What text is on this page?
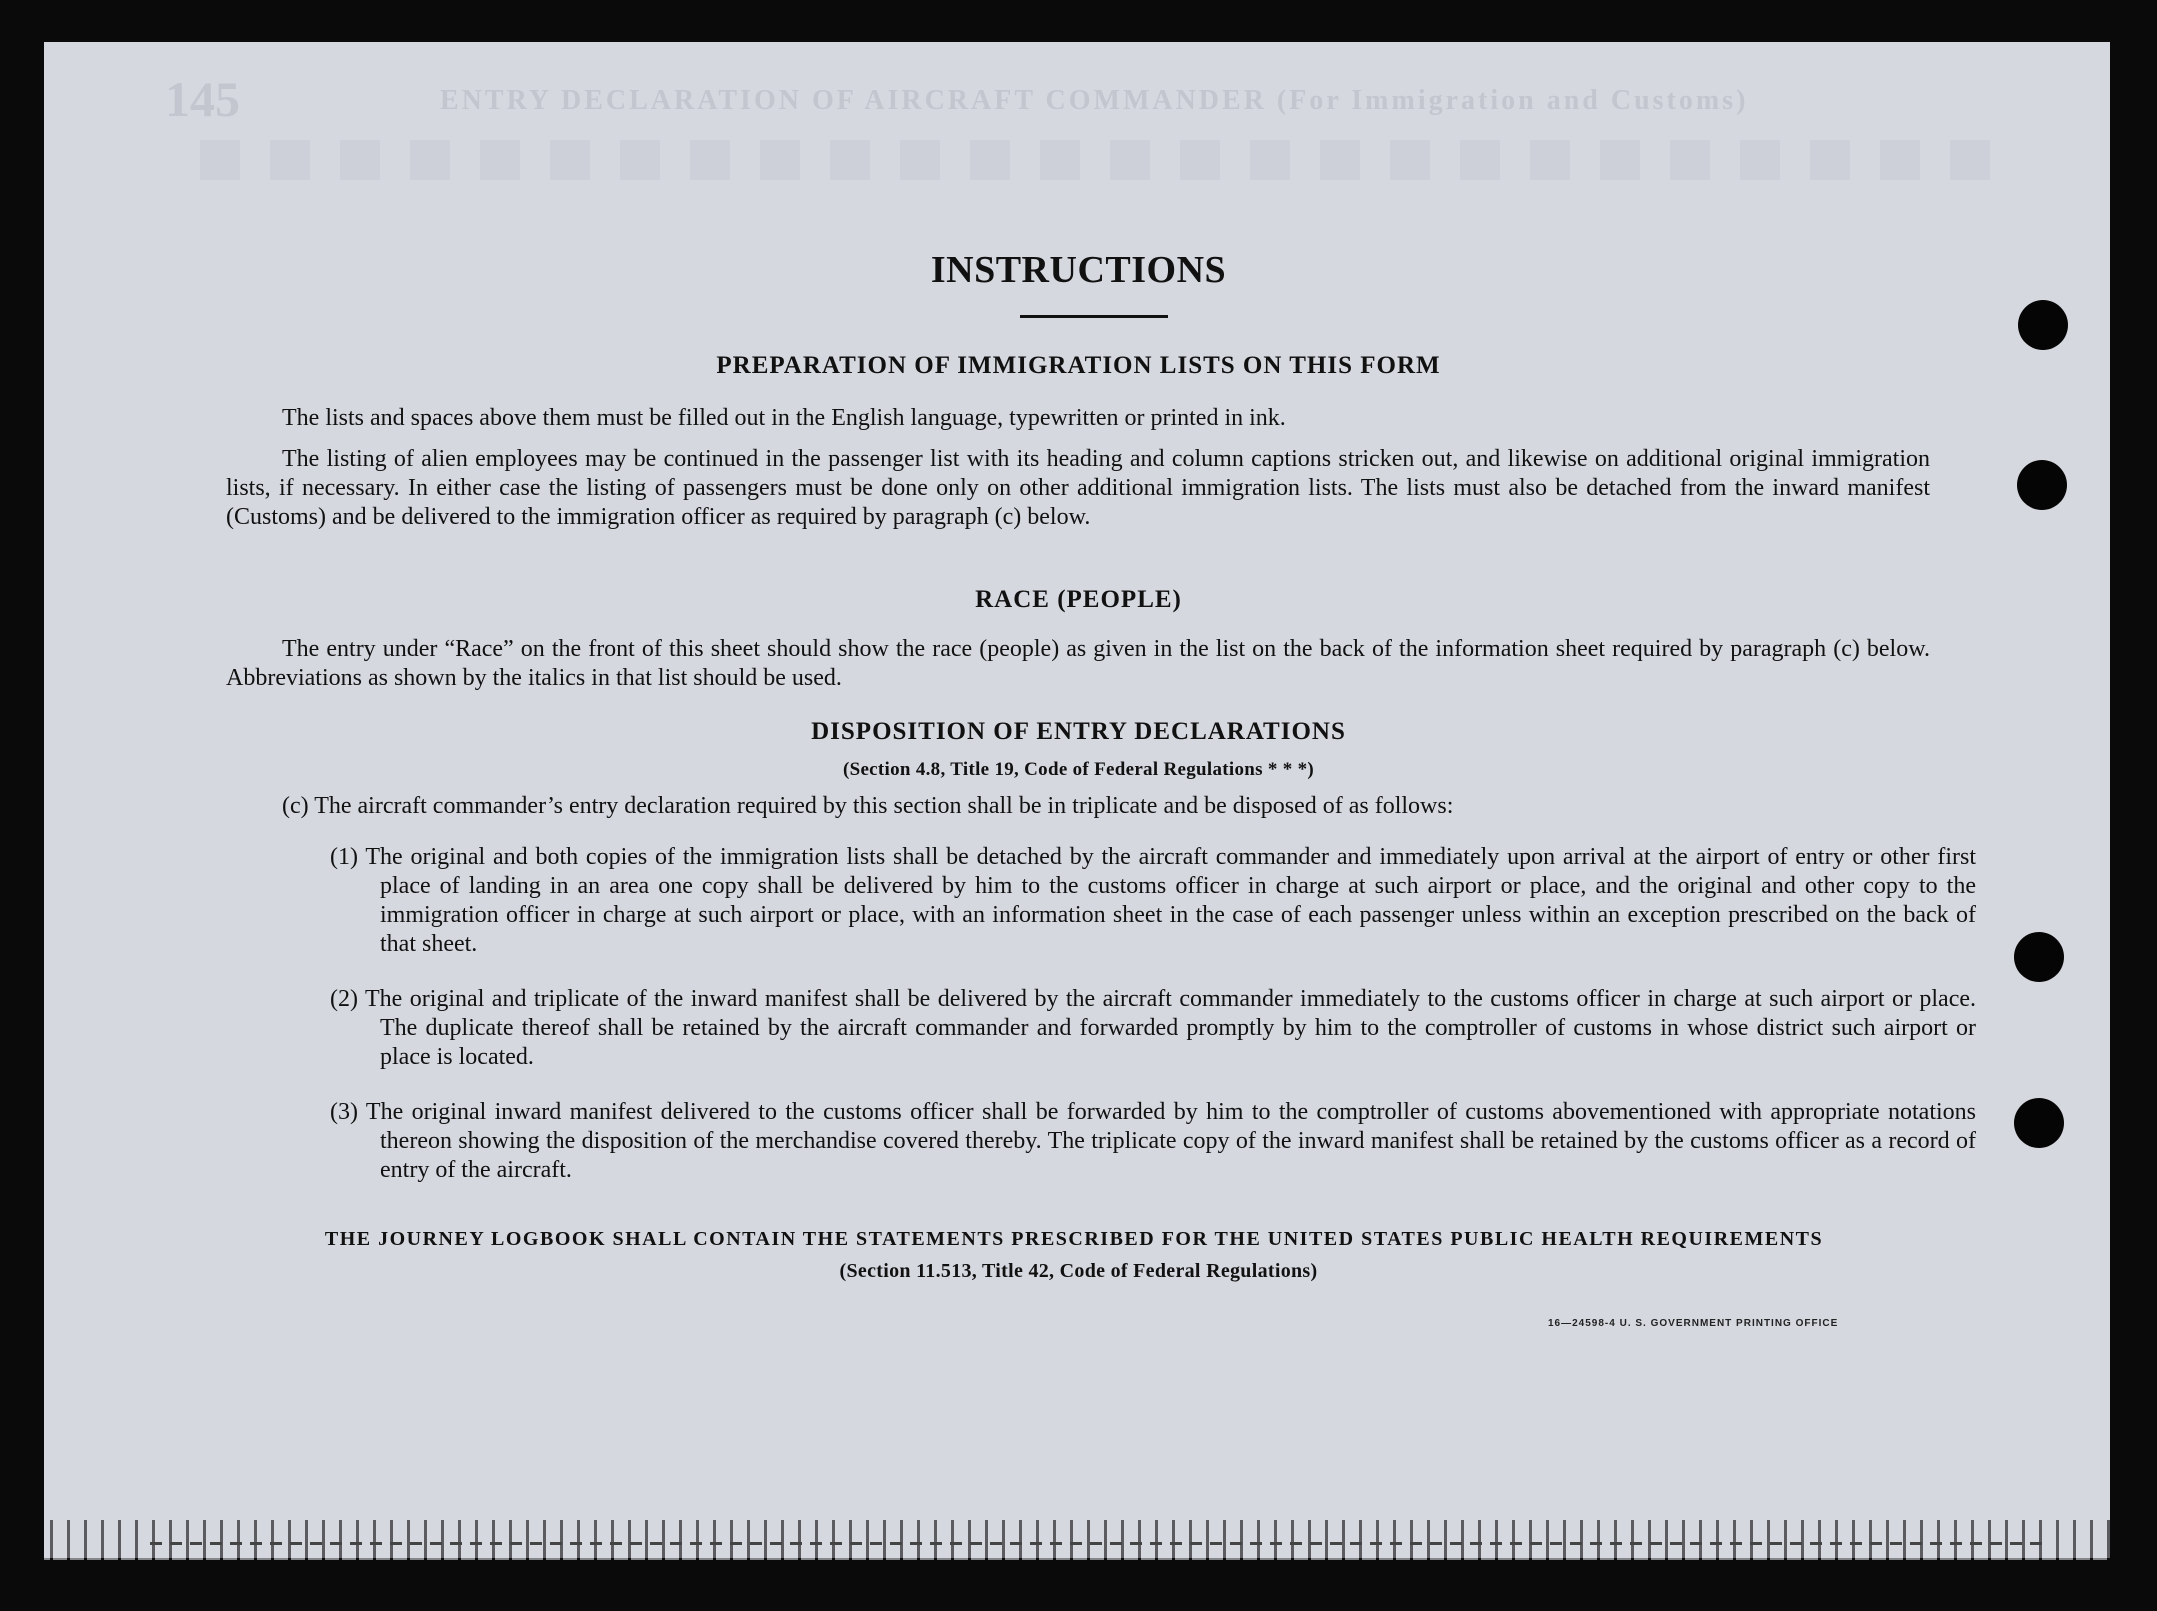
145	ENTRY DECLARATION OF AIRCRAFT COMMANDER (For Immigration and Customs)
INSTRUCTIONS
PREPARATION OF IMMIGRATION LISTS ON THIS FORM
The lists and spaces above them must be filled out in the English language, typewritten or printed in ink.
The listing of alien employees may be continued in the passenger list with its heading and column captions stricken out, and likewise on additional original immigration lists, if necessary. In either case the listing of passengers must be done only on other additional immigration lists. The lists must also be detached from the inward manifest (Customs) and be delivered to the immigration officer as required by paragraph (c) below.
RACE (PEOPLE)
The entry under “Race” on the front of this sheet should show the race (people) as given in the list on the back of the information sheet required by paragraph (c) below. Abbreviations as shown by the italics in that list should be used.
DISPOSITION OF ENTRY DECLARATIONS
(Section 4.8, Title 19, Code of Federal Regulations * * *)
(c) The aircraft commander’s entry declaration required by this section shall be in triplicate and be disposed of as follows:
(1) The original and both copies of the immigration lists shall be detached by the aircraft commander and immediately upon arrival at the airport of entry or other first place of landing in an area one copy shall be delivered by him to the customs officer in charge at such airport or place, and the original and other copy to the immigration officer in charge at such airport or place, with an information sheet in the case of each passenger unless within an exception prescribed on the back of that sheet.
(2) The original and triplicate of the inward manifest shall be delivered by the aircraft commander immediately to the customs officer in charge at such airport or place. The duplicate thereof shall be retained by the aircraft commander and forwarded promptly by him to the comptroller of customs in whose district such airport or place is located.
(3) The original inward manifest delivered to the customs officer shall be forwarded by him to the comptroller of customs abovementioned with appropriate notations thereon showing the disposition of the merchandise covered thereby. The triplicate copy of the inward manifest shall be retained by the customs officer as a record of entry of the aircraft.
THE JOURNEY LOGBOOK SHALL CONTAIN THE STATEMENTS PRESCRIBED FOR THE UNITED STATES PUBLIC HEALTH REQUIREMENTS
(Section 11.513, Title 42, Code of Federal Regulations)
16—24598-4 U. S. GOVERNMENT PRINTING OFFICE
